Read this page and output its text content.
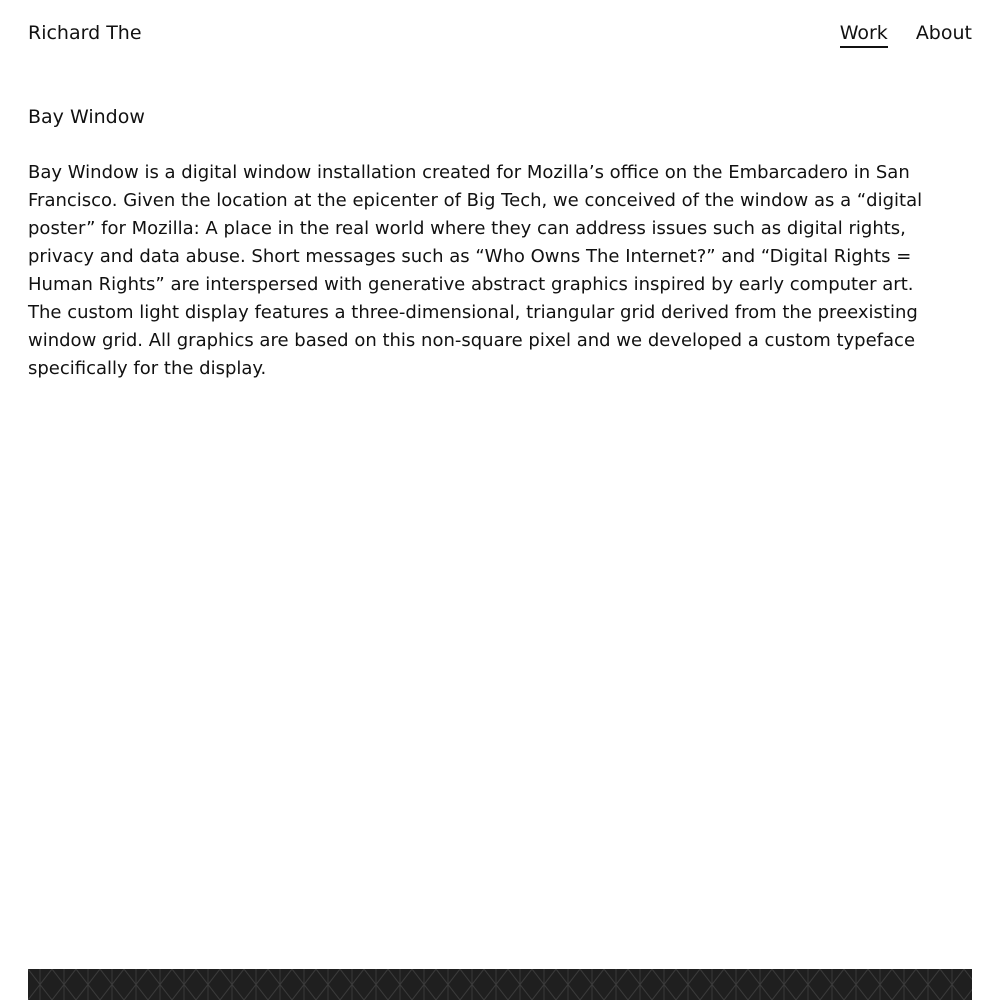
Richard The	Work About
Bay Window

Bay Window is a digital window installation created for Mozilla’s office on the Embarcadero in San Francisco. Given the location at the epicenter of Big Tech, we conceived of the window as a “digital poster” for Mozilla: A place in the real world where they can address issues such as digital rights, privacy and data abuse. Short messages such as “Who Owns The Internet?” and “Digital Rights = Human Rights” are interspersed with generative abstract graphics inspired by early computer art.

The custom light display features a three-dimensional, triangular grid derived from the preexisting window grid. All graphics are based on this non-square pixel and we developed a custom typeface specifically for the display.
